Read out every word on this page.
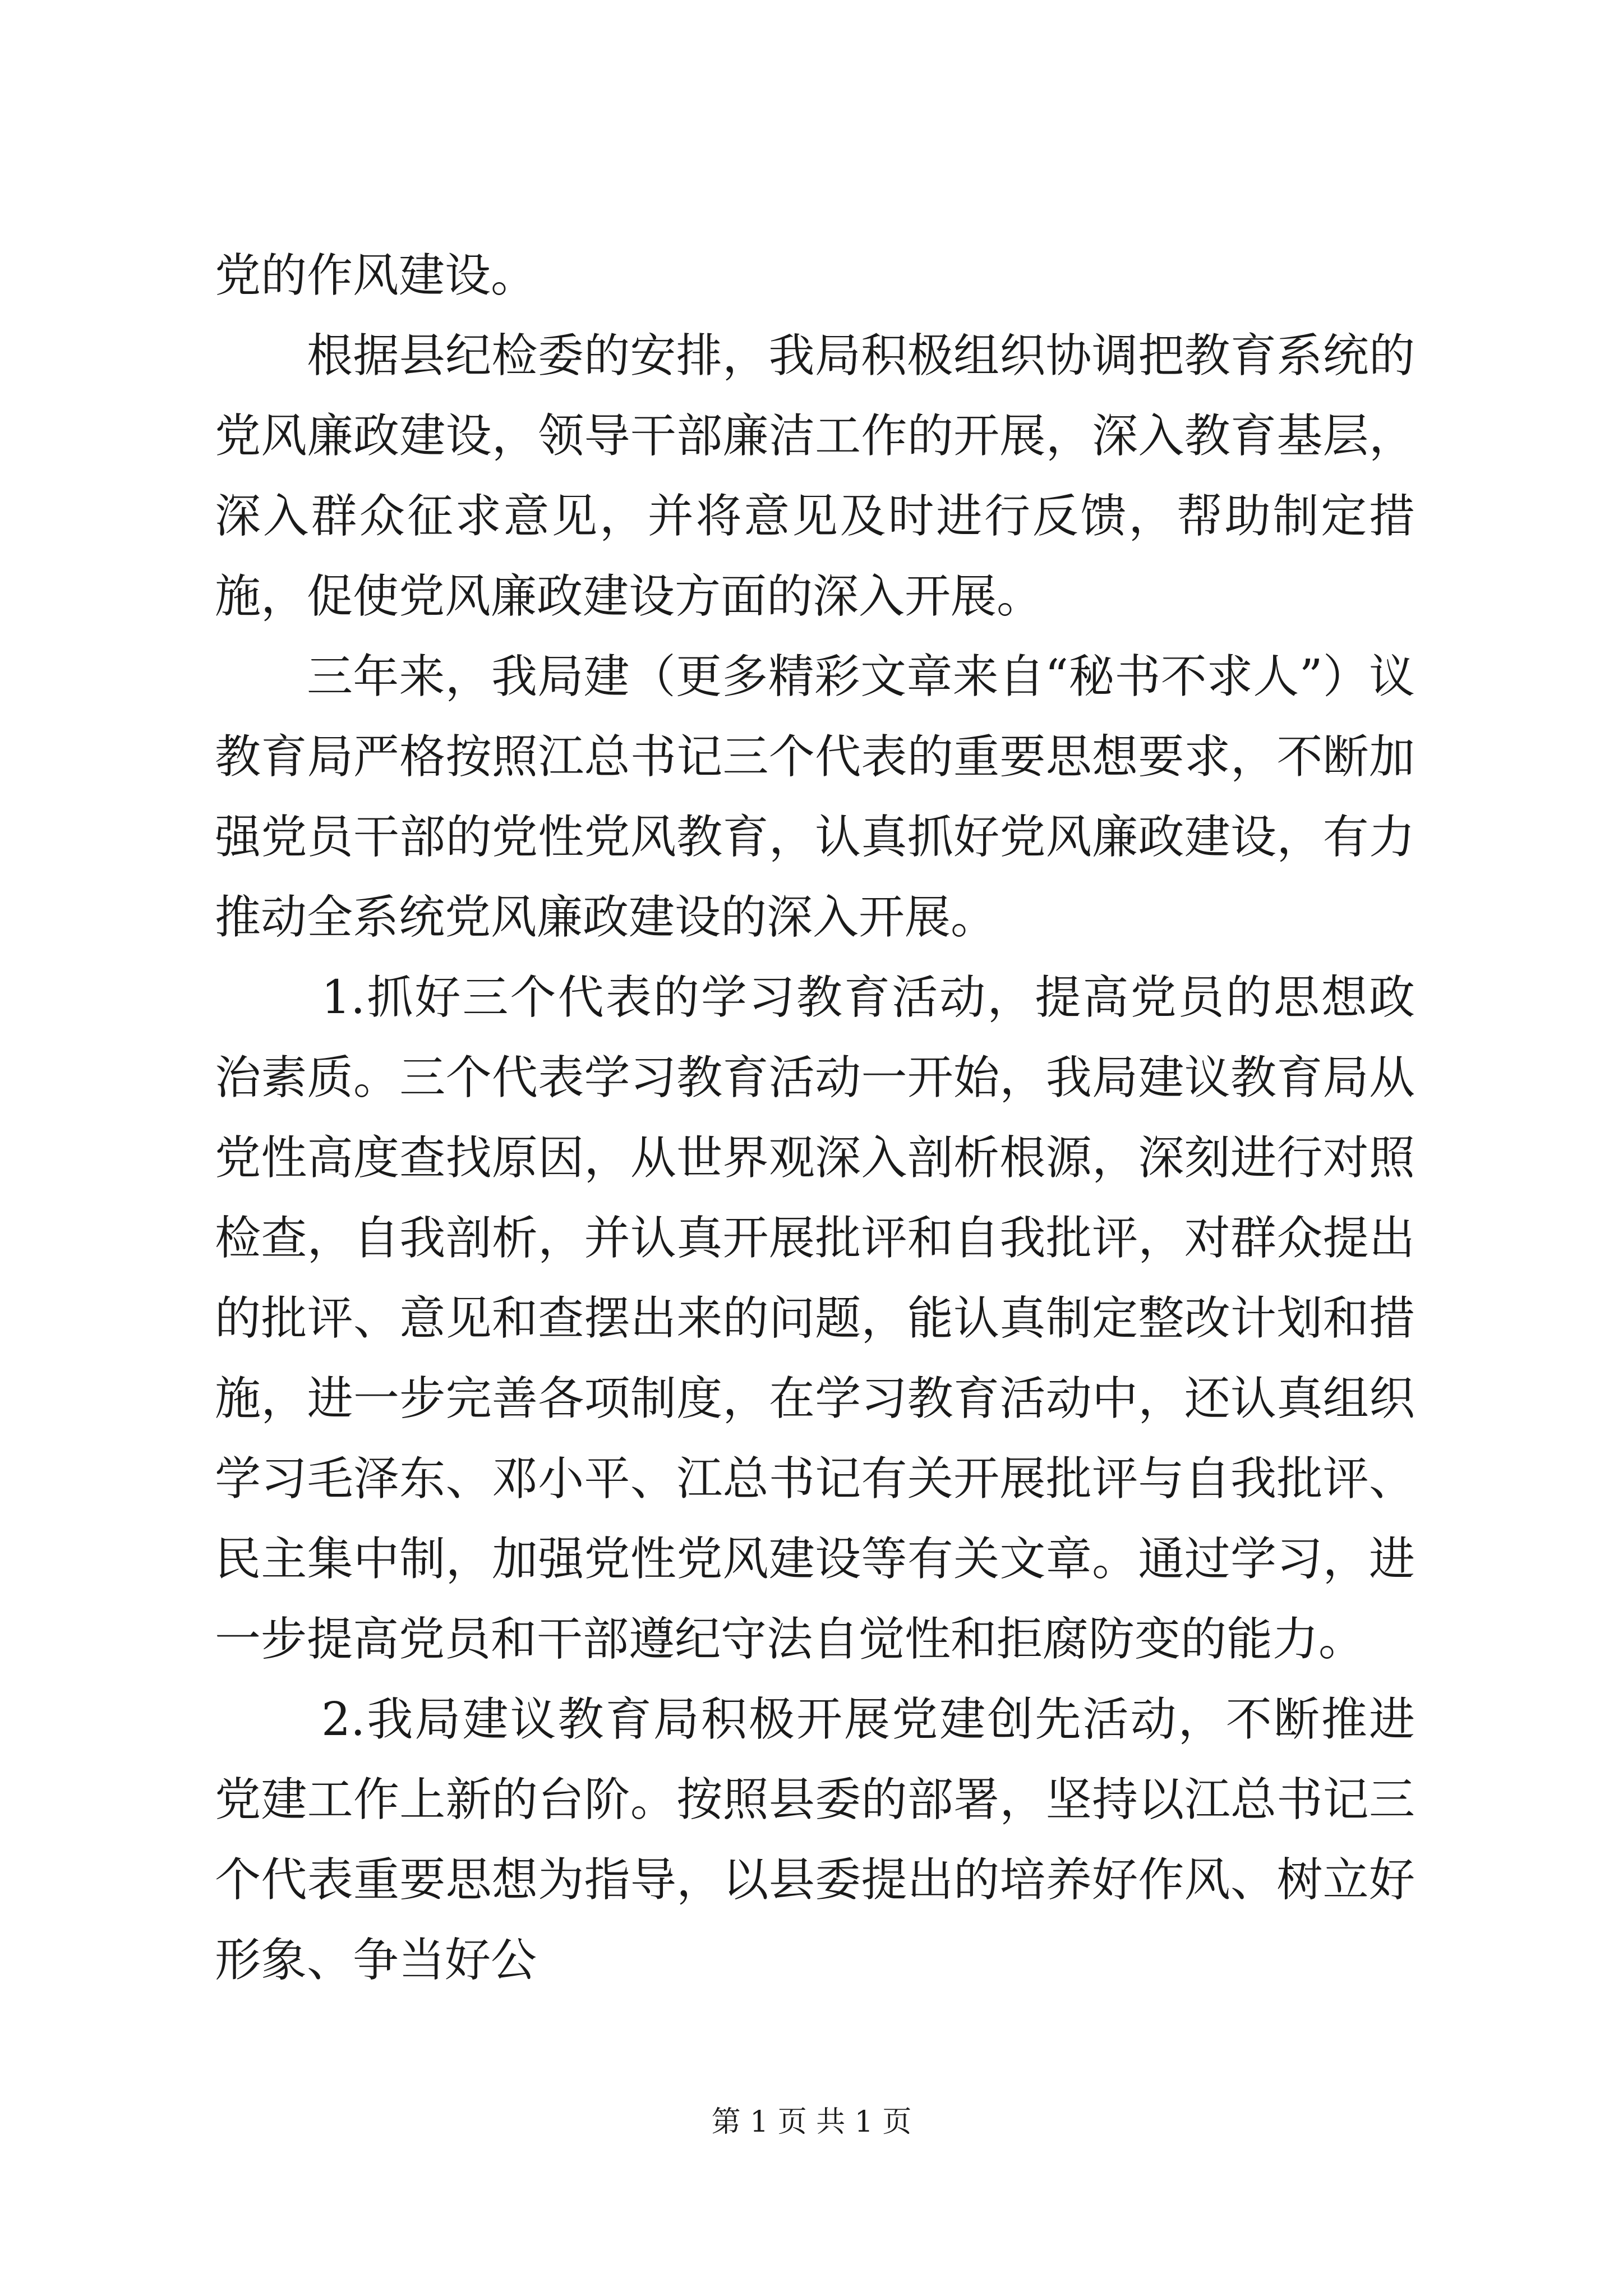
党的作风建设。

根据县纪检委的安排，我局积极组织协调把教育系统的党风廉政建设，领导干部廉洁工作的开展，深入教育基层，深入群众征求意见，并将意见及时进行反馈，帮助制定措施，促使党风廉政建设方面的深入开展。

三年来，我局建（更多精彩文章来自“秘书不求人”）议教育局严格按照江总书记三个代表的重要思想要求，不断加强党员干部的党性党风教育，认真抓好党风廉政建设，有力推动全系统党风廉政建设的深入开展。

1.抓好三个代表的学习教育活动，提高党员的思想政治素质。三个代表学习教育活动一开始，我局建议教育局从党性高度查找原因，从世界观深入剖析根源，深刻进行对照检查，自我剖析，并认真开展批评和自我批评，对群众提出的批评、意见和查摆出来的问题，能认真制定整改计划和措施，进一步完善各项制度，在学习教育活动中，还认真组织学习毛泽东、邓小平、江总书记有关开展批评与自我批评、民主集中制，加强党性党风建设等有关文章。通过学习，进一步提高党员和干部遵纪守法自觉性和拒腐防变的能力。

2.我局建议教育局积极开展党建创先活动，不断推进党建工作上新的台阶。按照县委的部署，坚持以江总书记三个代表重要思想为指导，以县委提出的培养好作风、树立好形象、争当好公

第 1 页 共 1 页
